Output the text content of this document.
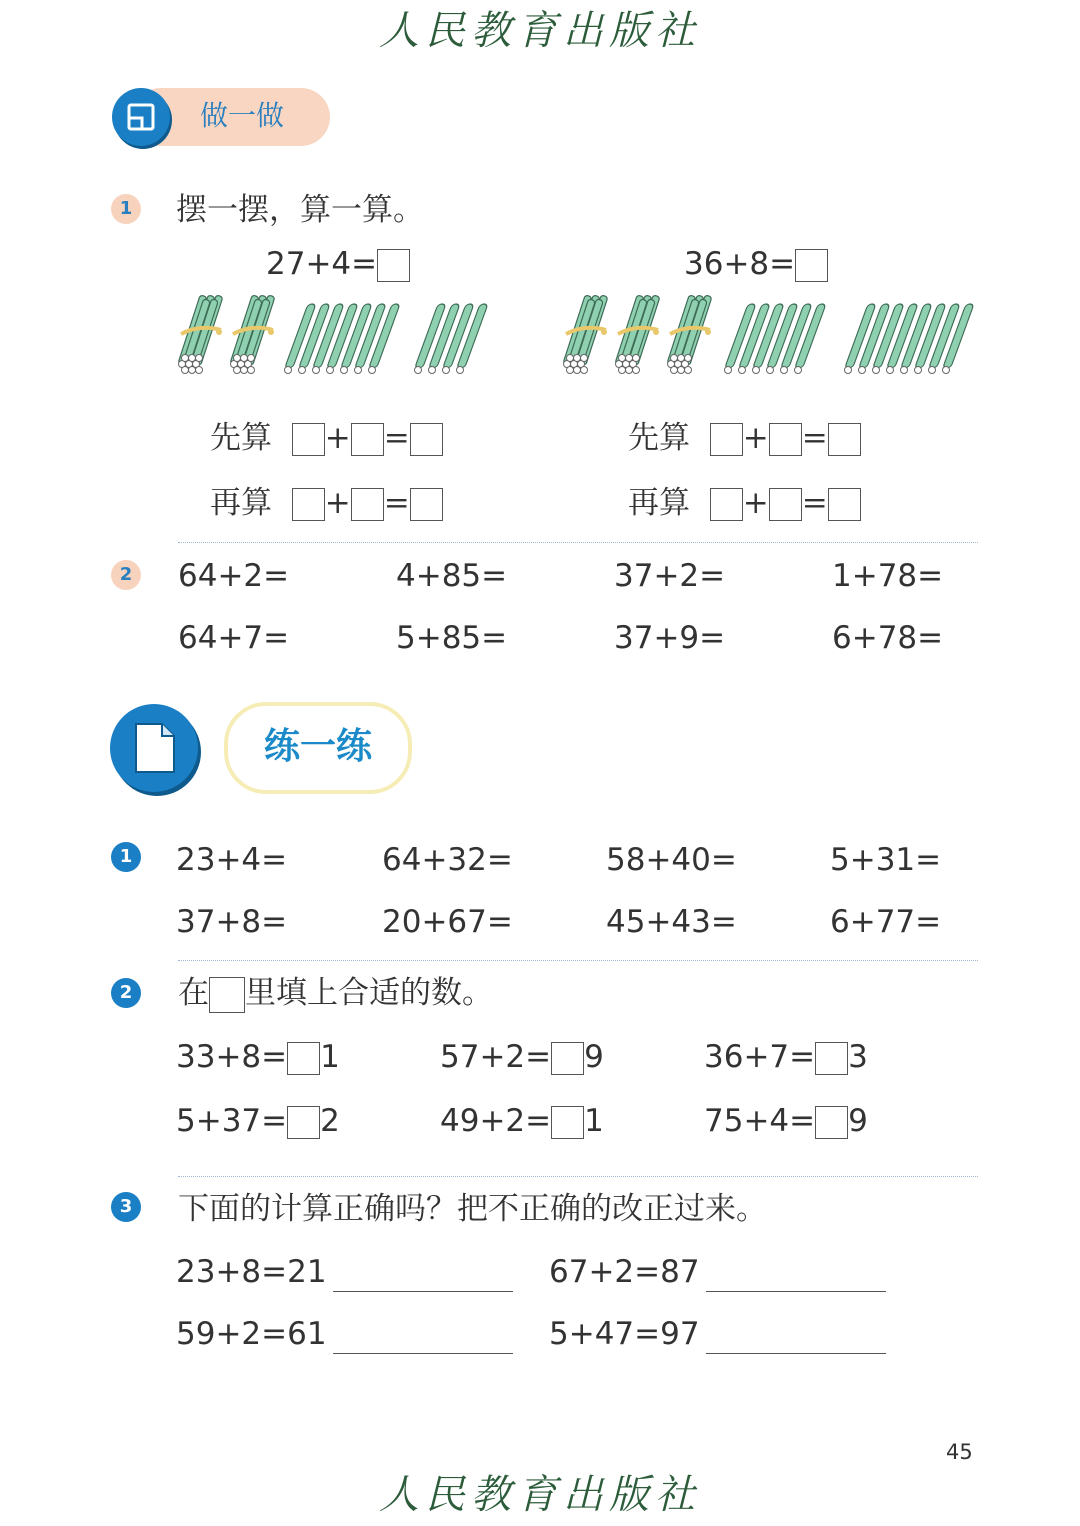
人民教育出版社
做一做
1 摆一摆，算一算。
27+4=	36+8=
先算 + =
再算 + =
先算 + =
再算 + =
2 64+2=	4+85=	37+2=	1+78=
64+7=	5+85=	37+9=	6+78=
练一练
1 23+4=	64+32=	58+40=	5+31=
37+8=	20+67=	45+43=	6+77=
2 在 里填上合适的数。
33+8= 1	57+2= 9	36+7= 3
5+37= 2	49+2= 1	75+4= 9
3 下面的计算正确吗？把不正确的改正过来。
23+8=21	67+2=87
59+2=61	5+47=97
45
人民教育出版社
